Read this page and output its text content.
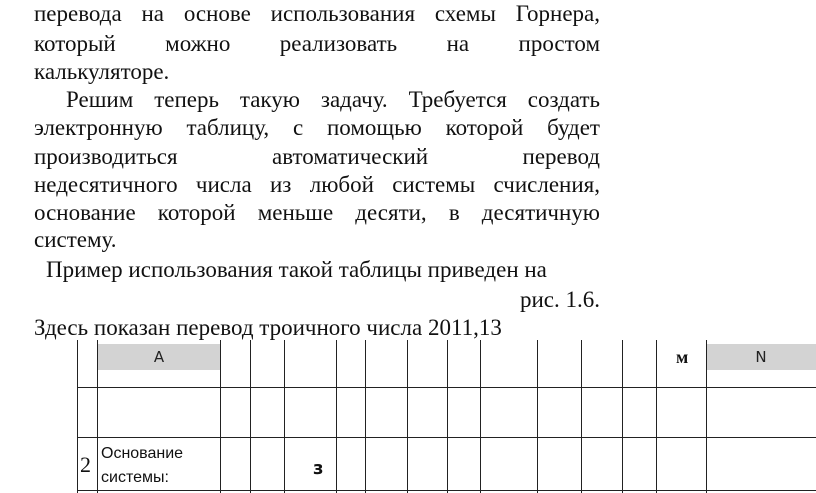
перевода на основе использования схемы Горнера,
который можно реализовать на простом
калькуляторе.
Решим теперь такую задачу. Требуется создать
электронную таблицу, с помощью которой будет
производиться автоматический перевод
недесятичного числа из любой системы счисления,
основание которой меньше десяти, в десятичную
систему.
Пример использования такой таблицы приведен на
рис. 1.6.
Здесь показан перевод троичного числа 2011,13
A	N
м
2 Основание
системы:	з
